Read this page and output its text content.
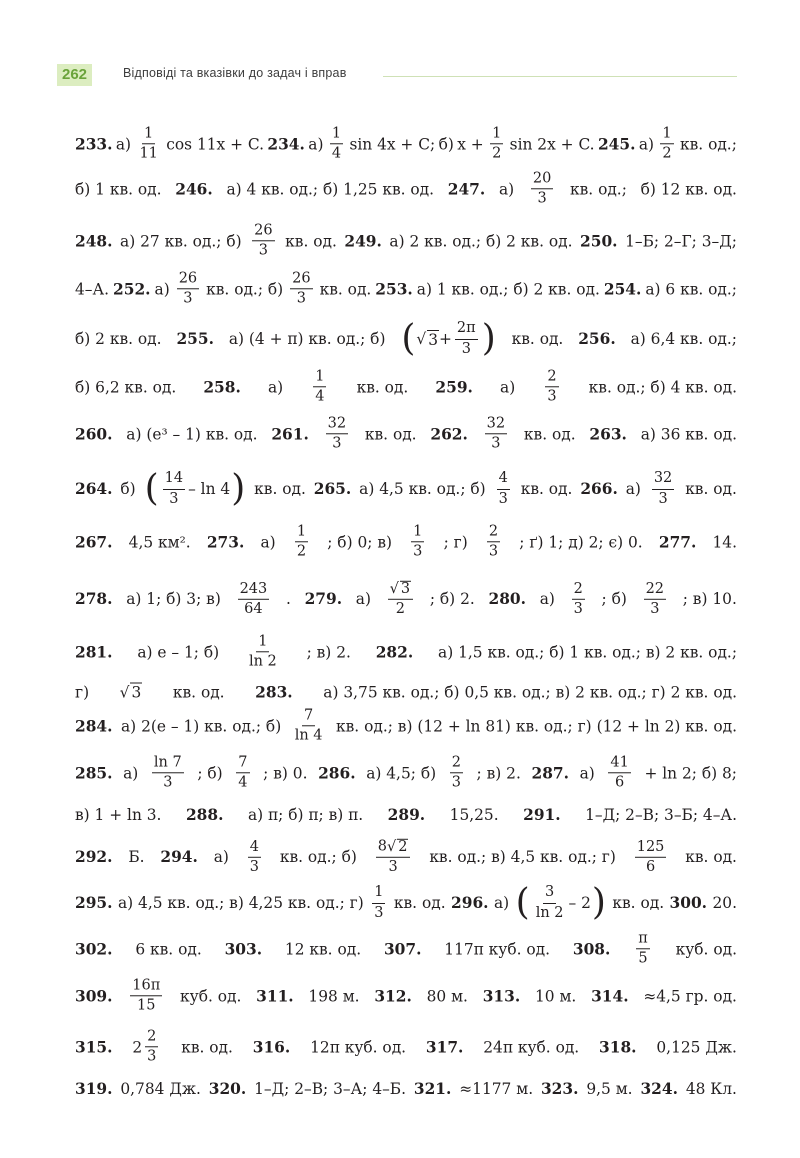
262	Відповіді та вказівки до задач і вправ
233. $а) \frac{1}{11}$ cos 11x + C. 234. $а) \frac{1}{4}$ sin 4x + C; б) $x + \frac{1}{2}$ sin 2x + C. 245. $а) \frac{1}{2}$ кв. од.;
б) 1 кв. од. 246. а) 4 кв. од.; б) 1,25 кв. од. 247. $а) \frac{20}{3}$ кв. од.; б) 12 кв. од.
248. а) 27 кв. од.; $б) \frac{26}{3}$ кв. од. 249. а) 2 кв. од.; б) 2 кв. од. 250. 1–Б; 2–Г; 3–Д;
4–А. 252. $а) \frac{26}{3}$ кв. од.; $б) \frac{26}{3}$ кв. од. 253. а) 1 кв. од.; б) 2 кв. од. 254. а) 6 кв. од.;
б) 2 кв. од. 255. а) (4 + π) кв. од.; б) ( √ $3 + \frac{2\pi}{3}$ ) кв. од. 256. а) 6,4 кв. од.;
б) 6,2 кв. од. 258. $а) \frac{1}{4}$ кв. од. 259. $а) \frac{2}{3}$ кв. од.; б) 4 кв. од.
260. а) (e³ – 1) кв. од. 261. $\frac{32}{3}$ кв. од. 262. $\frac{32}{3}$ кв. од. 263. а) 36 кв. од.
264. б) ( $\frac{14}{3}$ – ln 4 ) кв. од. 265. а) 4,5 кв. од.; $б) \frac{4}{3}$ кв. од. 266. $а) \frac{32}{3}$ кв. од.
267. 4,5 км². 273. $а) \frac{1}{2}$ ; б) 0; $в) \frac{1}{3}$ ; $г) \frac{2}{3}$ ; ґ) 1; д) 2; є) 0. 277. 14.
278. а) 1; б) 3; $в) \frac{243}{64}$ . 279. $а) \frac{√ 3}{2}$ ; б) 2. 280. $а) \frac{2}{3}$ ; $б) \frac{22}{3}$ ; в) 10.
281. а) e – 1; $б) \frac{1}{\ln 2}$ ; в) 2. 282. а) 1,5 кв. од.; б) 1 кв. од.; в) 2 кв. од.;
г) √ 3 кв. од. 283. а) 3,75 кв. од.; б) 0,5 кв. од.; в) 2 кв. од.; г) 2 кв. од.
284. а) 2(e – 1) кв. од.; $б) \frac{7}{\ln 4}$ кв. од.; в) (12 + ln 81) кв. од.; г) (12 + ln 2) кв. од.
285. $а) \frac{\ln 7}{3}$ ; $б) \frac{7}{4}$ ; в) 0. 286. а) 4,5; $б) \frac{2}{3}$ ; в) 2. 287. $а) \frac{41}{6} + \ln 2$; б) 8;
в) 1 + ln 3. 288. а) π; б) π; в) π. 289. 15,25. 291. 1–Д; 2–В; 3–Б; 4–А.
292. Б. 294. $а) \frac{4}{3}$ кв. од.; $б) \frac{8 √ 2}{3}$ кв. од.; в) 4,5 кв. од.; $г) \frac{125}{6}$ кв. од.
295. а) 4,5 кв. од.; в) 4,25 кв. од.; $г) \frac{1}{3}$ кв. од. 296. а) ( $\frac{3}{\ln 2} - 2$ ) кв. од. 300. 20.
302. 6 кв. од. 303. 12 кв. од. 307. 117π куб. од. 308. $\frac{\pi}{5}$ куб. од.
309. $\frac{16\pi}{15}$ куб. од. 311. 198 м. 312. 80 м. 313. 10 м. 314. ≈4,5 гр. од.
315. $2 \frac{2}{3}$ кв. од. 316. 12π куб. од. 317. 24π куб. од. 318. 0,125 Дж.
319. 0,784 Дж. 320. 1–Д; 2–В; 3–А; 4–Б. 321. ≈1177 м. 323. 9,5 м. 324. 48 Кл.
